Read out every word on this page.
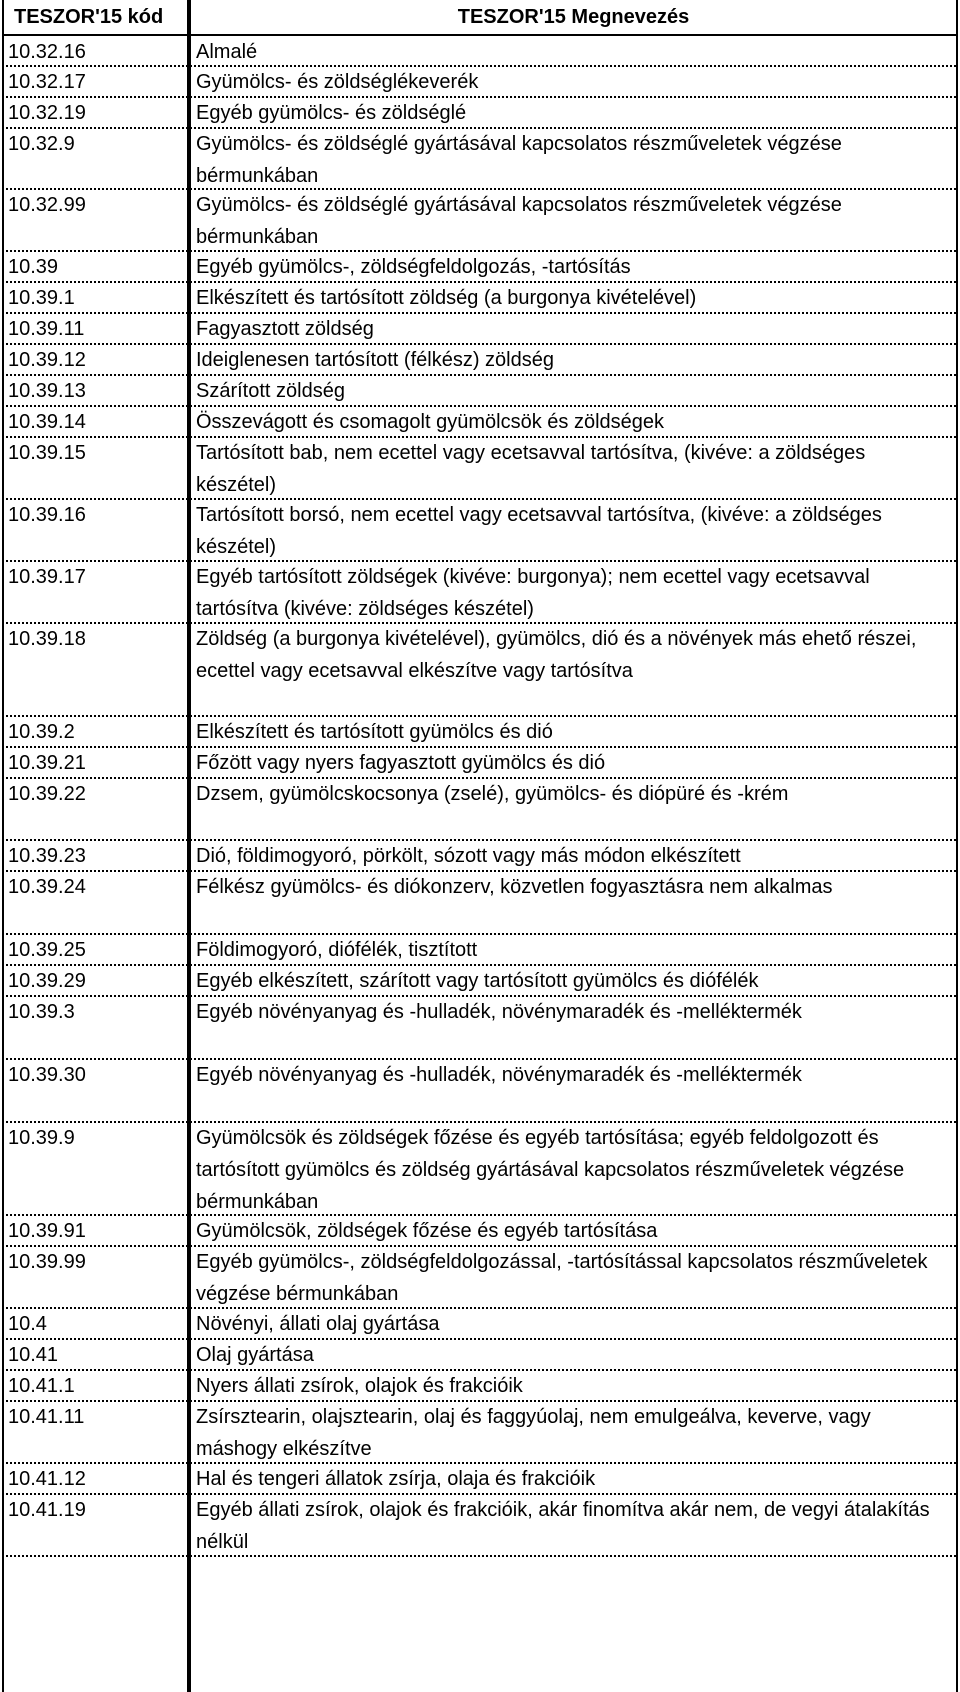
TESZOR'15 kód	TESZOR'15 Megnevezés
10.32.16	Almalé
10.32.17	Gyümölcs- és zöldséglékeverék
10.32.19	Egyéb gyümölcs- és zöldséglé
10.32.9	Gyümölcs- és zöldséglé gyártásával kapcsolatos részműveletek végzése bérmunkában
10.32.99	Gyümölcs- és zöldséglé gyártásával kapcsolatos részműveletek végzése bérmunkában
10.39	Egyéb gyümölcs-, zöldségfeldolgozás, -tartósítás
10.39.1	Elkészített és tartósított zöldség (a burgonya kivételével)
10.39.11	Fagyasztott zöldség
10.39.12	Ideiglenesen tartósított (félkész) zöldség
10.39.13	Szárított zöldség
10.39.14	Összevágott és csomagolt gyümölcsök és zöldségek
10.39.15	Tartósított bab, nem ecettel vagy ecetsavval tartósítva, (kivéve: a zöldséges készétel)
10.39.16	Tartósított borsó, nem ecettel vagy ecetsavval tartósítva, (kivéve: a zöldséges készétel)
10.39.17	Egyéb tartósított zöldségek (kivéve: burgonya); nem ecettel vagy ecetsavval tartósítva (kivéve: zöldséges készétel)
10.39.18	Zöldség (a burgonya kivételével), gyümölcs, dió és a növények más ehető részei, ecettel vagy ecetsavval elkészítve vagy tartósítva
10.39.2	Elkészített és tartósított gyümölcs és dió
10.39.21	Főzött vagy nyers fagyasztott gyümölcs és dió
10.39.22	Dzsem, gyümölcskocsonya (zselé), gyümölcs- és diópüré és -krém
10.39.23	Dió, földimogyoró, pörkölt, sózott vagy más módon elkészített
10.39.24	Félkész gyümölcs- és diókonzerv, közvetlen fogyasztásra nem alkalmas
10.39.25	Földimogyoró, diófélék, tisztított
10.39.29	Egyéb elkészített, szárított vagy tartósított gyümölcs és diófélék
10.39.3	Egyéb növényanyag és -hulladék, növénymaradék és -melléktermék
10.39.30	Egyéb növényanyag és -hulladék, növénymaradék és -melléktermék
10.39.9	Gyümölcsök és zöldségek főzése és egyéb tartósítása; egyéb feldolgozott és tartósított gyümölcs és zöldség gyártásával kapcsolatos részműveletek végzése bérmunkában
10.39.91	Gyümölcsök, zöldségek főzése és egyéb tartósítása
10.39.99	Egyéb gyümölcs-, zöldségfeldolgozással, -tartósítással kapcsolatos részműveletek végzése bérmunkában
10.4	Növényi, állati olaj gyártása
10.41	Olaj gyártása
10.41.1	Nyers állati zsírok, olajok és frakcióik
10.41.11	Zsírsztearin, olajsztearin, olaj és faggyúolaj, nem emulgeálva, keverve, vagy máshogy elkészítve
10.41.12	Hal és tengeri állatok zsírja, olaja és frakcióik
10.41.19	Egyéb állati zsírok, olajok és frakcióik, akár finomítva akár nem, de vegyi átalakítás nélkül
